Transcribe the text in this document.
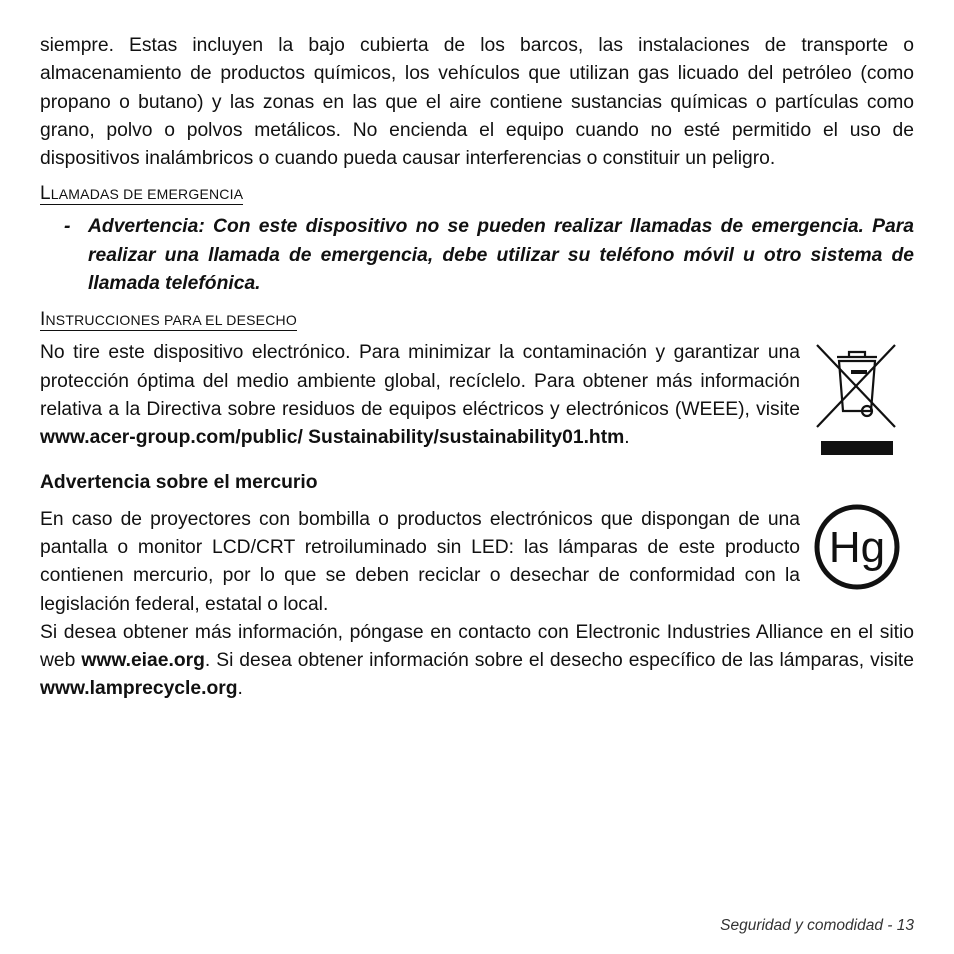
siempre. Estas incluyen la bajo cubierta de los barcos, las instalaciones de transporte o almacenamiento de productos químicos, los vehículos que utilizan gas licuado del petróleo (como propano o butano) y las zonas en las que el aire contiene sustancias químicas o partículas como grano, polvo o polvos metálicos. No encienda el equipo cuando no esté permitido el uso de dispositivos inalámbricos o cuando pueda causar interferencias o constituir un peligro.

LLAMADAS DE EMERGENCIA
- Advertencia: Con este dispositivo no se pueden realizar llamadas de emergencia. Para realizar una llamada de emergencia, debe utilizar su teléfono móvil u otro sistema de llamada telefónica.

INSTRUCCIONES PARA EL DESECHO

No tire este dispositivo electrónico. Para minimizar la contaminación y garantizar una protección óptima del medio ambiente global, recíclelo. Para obtener más información relativa a la Directiva sobre residuos de equipos eléctricos y electrónicos (WEEE), visite www.acer-group.com/public/ Sustainability/sustainability01.htm.

Advertencia sobre el mercurio

En caso de proyectores con bombilla o productos electrónicos que dispongan de una pantalla o monitor LCD/CRT retroiluminado sin LED: las lámparas de este producto contienen mercurio, por lo que se deben reciclar o desechar de conformidad con la legislación federal, estatal o local.

Hg

Si desea obtener más información, póngase en contacto con Electronic Industries Alliance en el sitio web www.eiae.org. Si desea obtener información sobre el desecho específico de las lámparas, visite www.lamprecycle.org.

Seguridad y comodidad - 13
